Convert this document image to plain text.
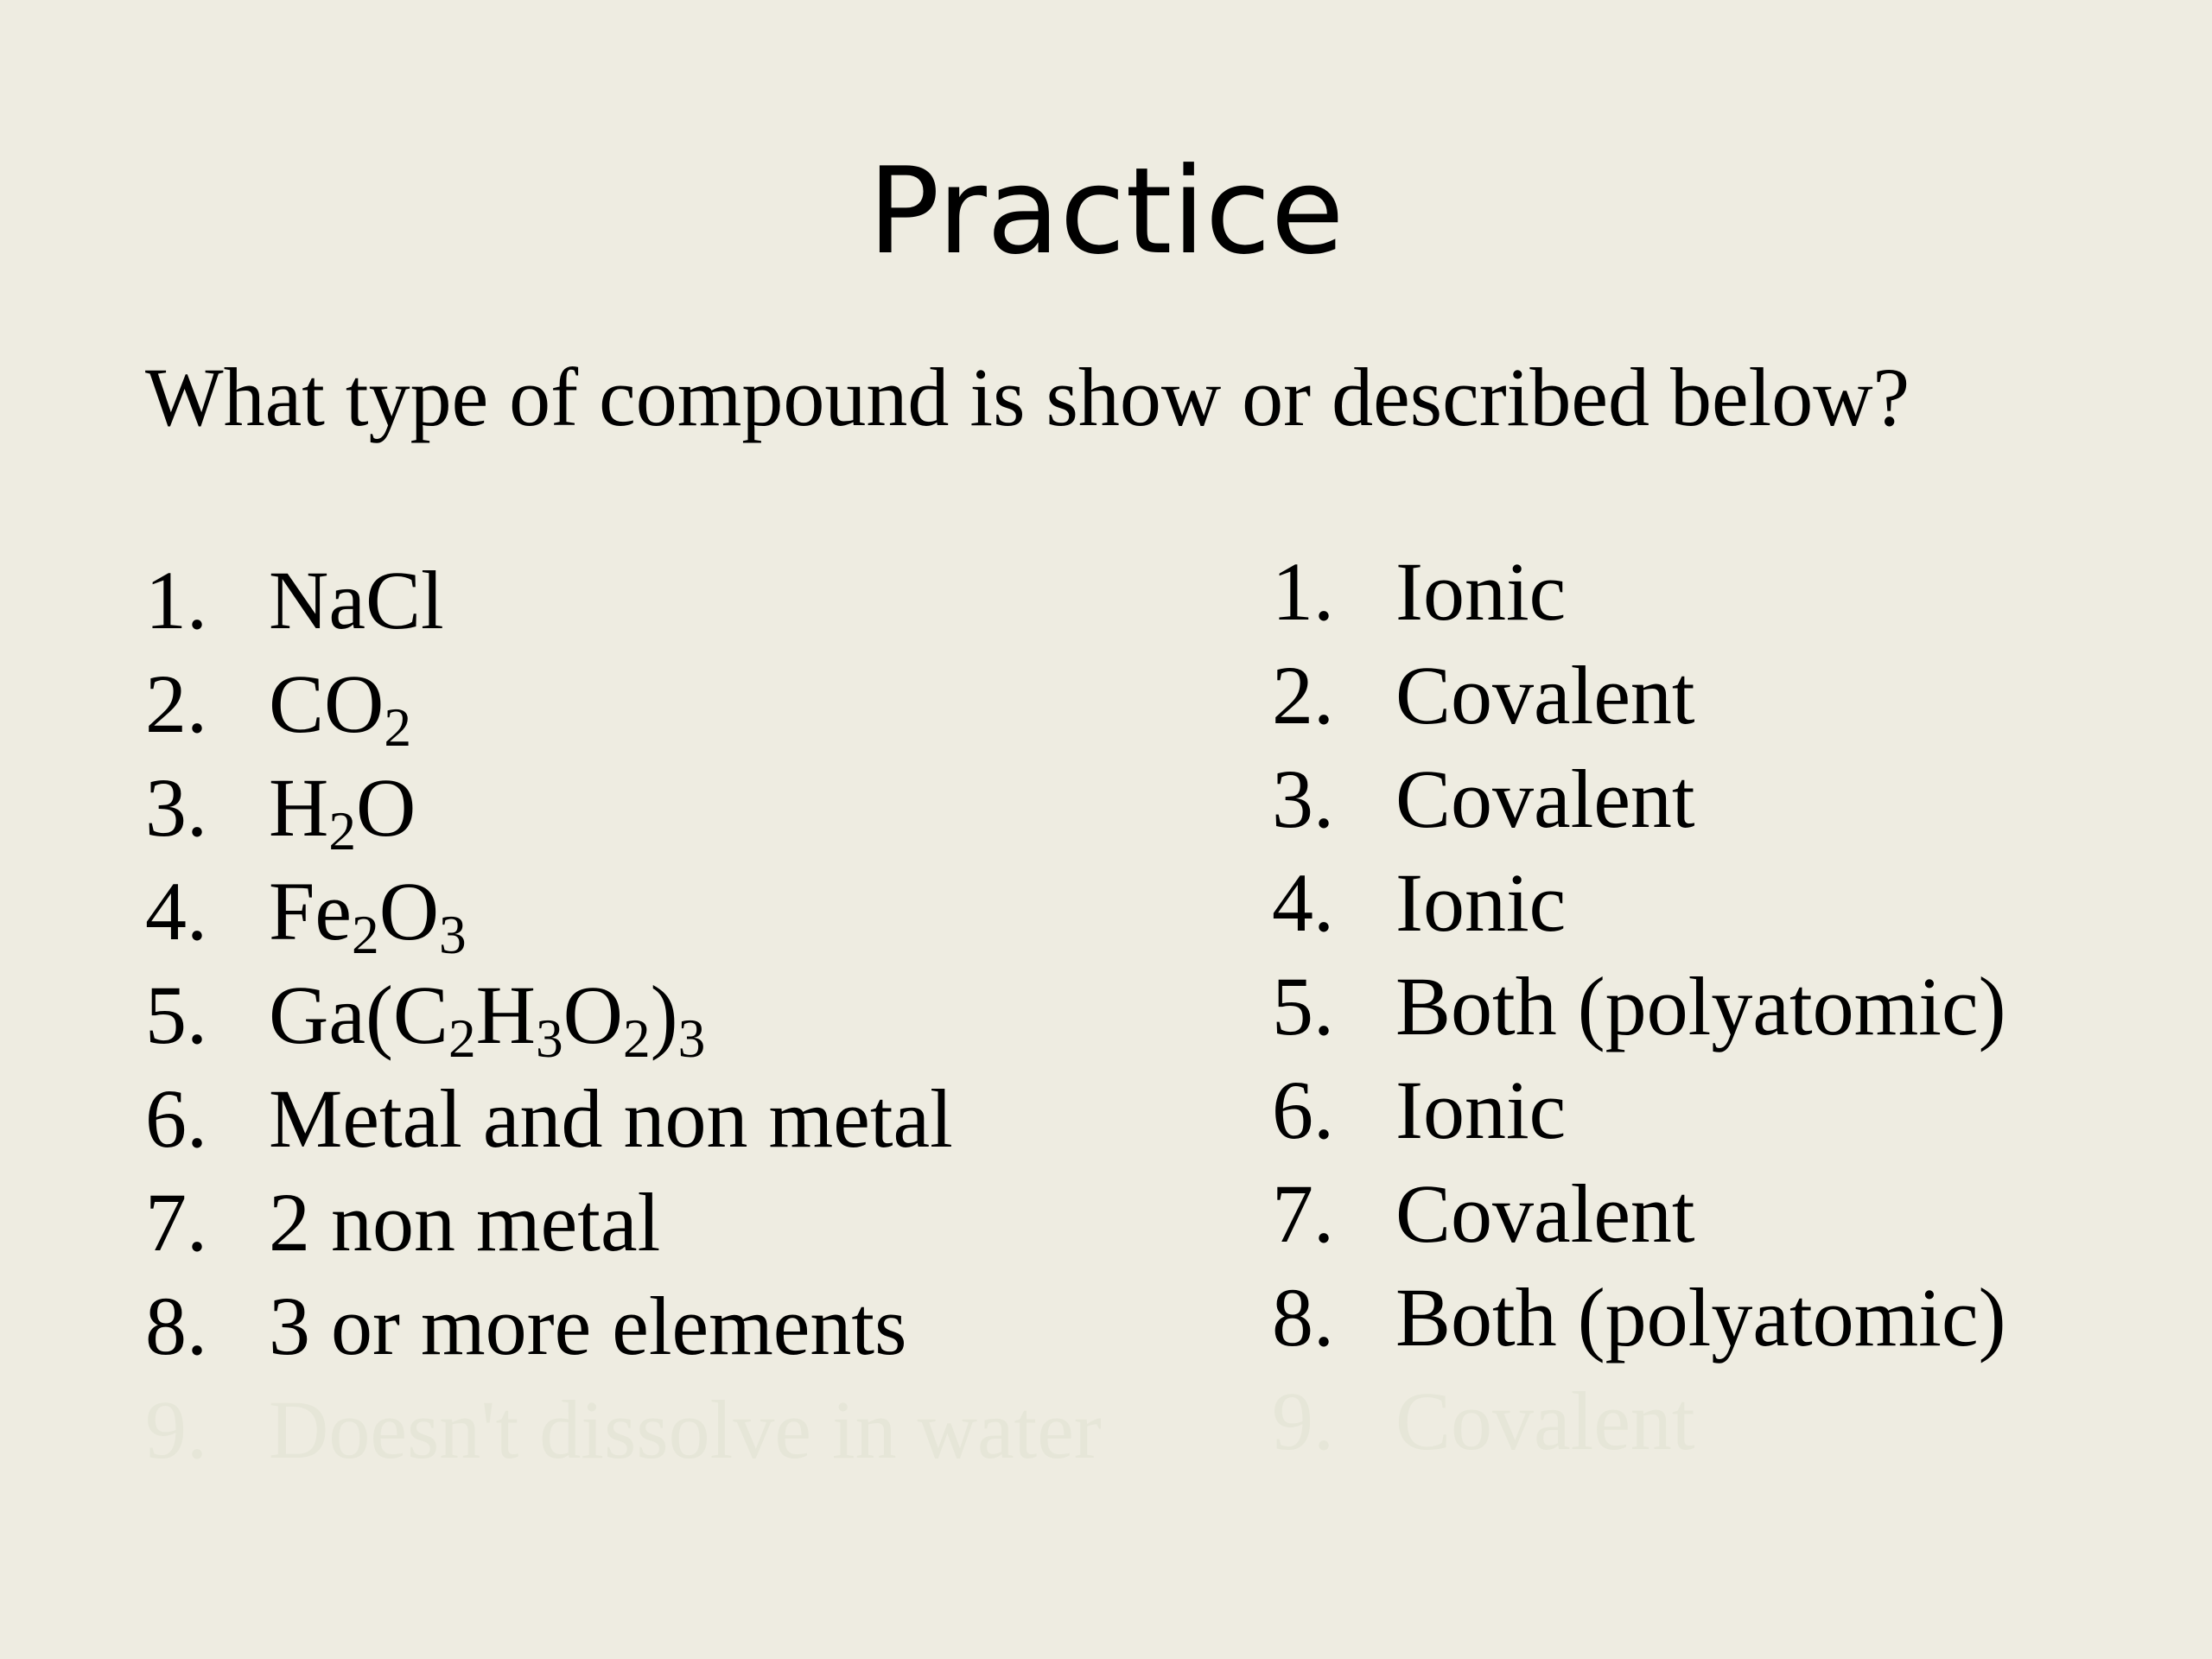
Practice
What type of compound is show or described below?
1. NaCl
2. $CO_2$
3. $H_2O$
4. $Fe_2O_3$
5. $Ga(C_2H_3O_2)_3$
6. Metal and non metal
7. 2 non metal
8. 3 or more elements
9. Doesn't dissolve in water
1. Ionic
2. Covalent
3. Covalent
4. Ionic
5. Both (polyatomic)
6. Ionic
7. Covalent
8. Both (polyatomic)
9. Covalent
